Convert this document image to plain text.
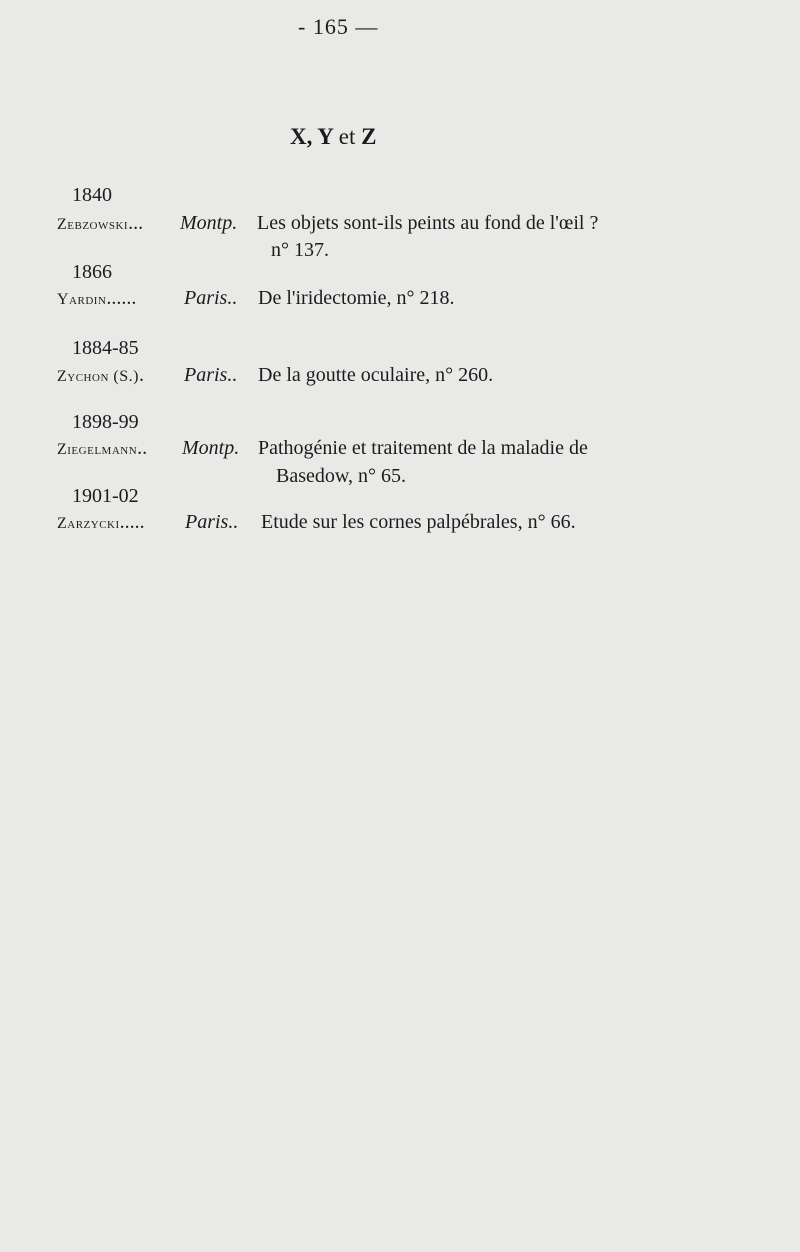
- 165 —
X, Y et Z
1840
Zebzowski... Montp. Les objets sont-ils peints au fond de l'œil ?
n° 137.
1866
Yardin...... Paris.. De l'iridectomie, n° 218.
1884-85
Zychon (S.). Paris.. De la goutte oculaire, n° 260.
1898-99
Ziegelmann.. Montp. Pathogénie et traitement de la maladie de
Basedow, n° 65.
1901-02
Zarzycki..... Paris.. Etude sur les cornes palpébrales, n° 66.
